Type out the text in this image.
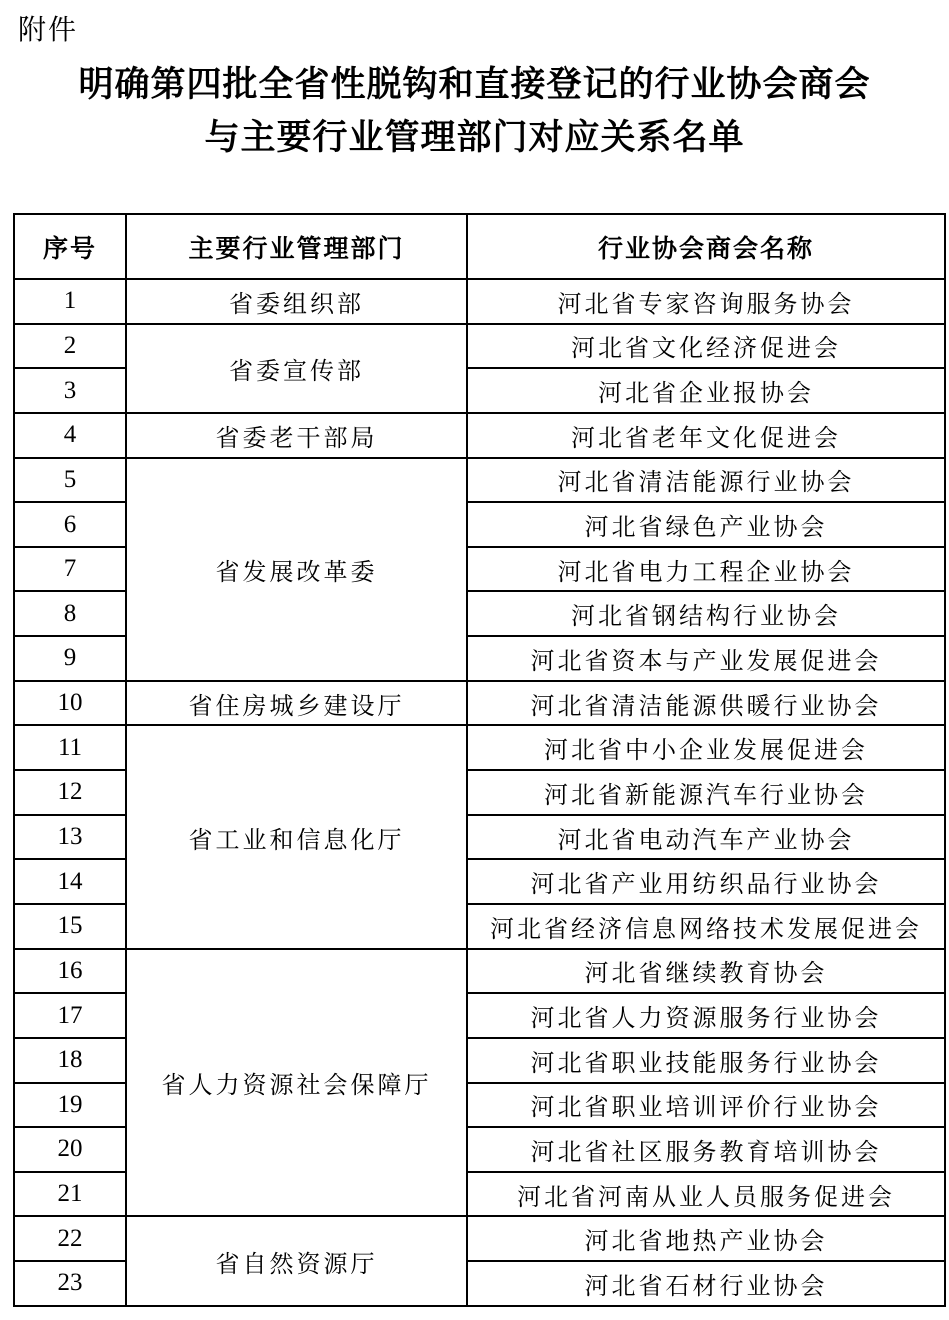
附件
明确第四批全省性脱钩和直接登记的行业协会商会
与主要行业管理部门对应关系名单
序号	主要行业管理部门	行业协会商会名称
1	省委组织部	河北省专家咨询服务协会
2	省委宣传部	河北省文化经济促进会
3		河北省企业报协会
4	省委老干部局	河北省老年文化促进会
5	省发展改革委	河北省清洁能源行业协会
6		河北省绿色产业协会
7		河北省电力工程企业协会
8		河北省钢结构行业协会
9		河北省资本与产业发展促进会
10	省住房城乡建设厅	河北省清洁能源供暖行业协会
11	省工业和信息化厅	河北省中小企业发展促进会
12		河北省新能源汽车行业协会
13		河北省电动汽车产业协会
14		河北省产业用纺织品行业协会
15		河北省经济信息网络技术发展促进会
16	省人力资源社会保障厅	河北省继续教育协会
17		河北省人力资源服务行业协会
18		河北省职业技能服务行业协会
19		河北省职业培训评价行业协会
20		河北省社区服务教育培训协会
21		河北省河南从业人员服务促进会
22	省自然资源厅	河北省地热产业协会
23		河北省石材行业协会
